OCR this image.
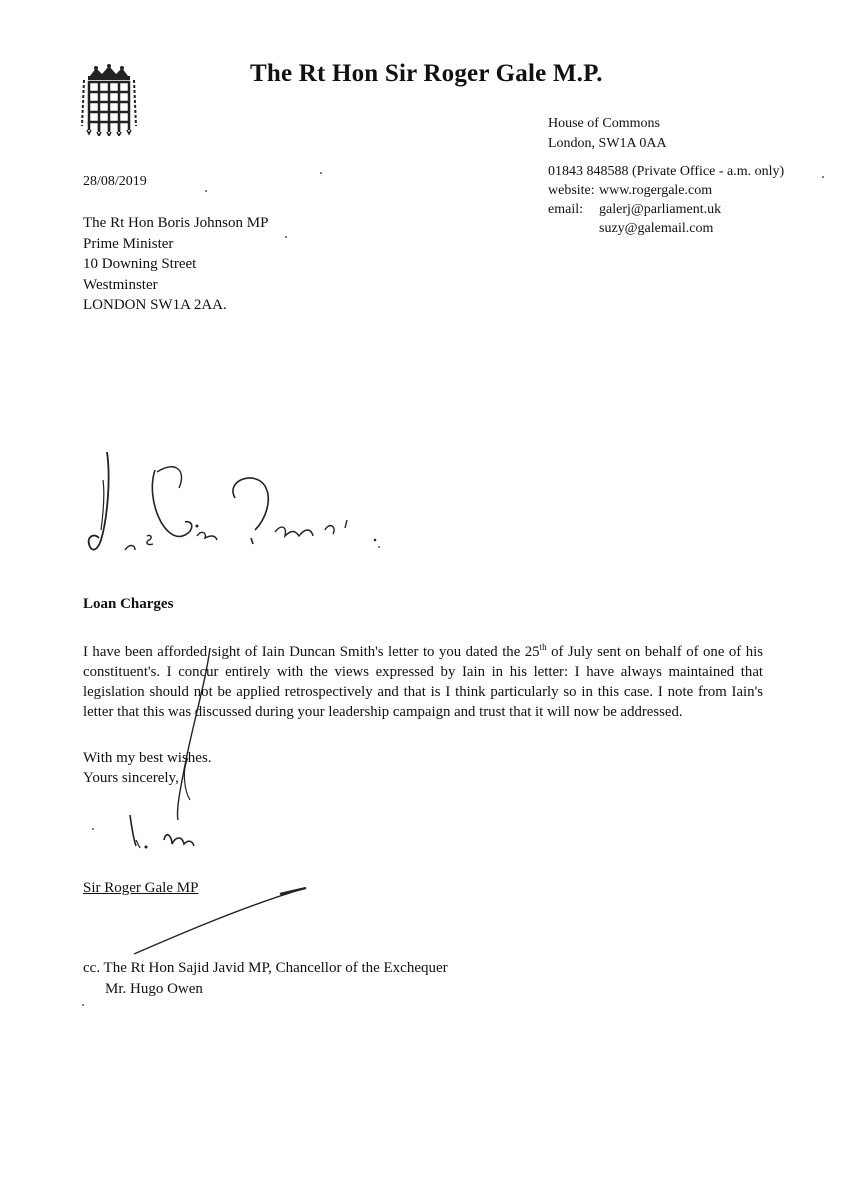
The Rt Hon Sir Roger Gale M.P.
House of Commons
London, SW1A 0AA
01843 848588 (Private Office - a.m. only)
website: www.rogergale.com
email:	galerj@parliament.uk
suzy@galemail.com
28/08/2019
The Rt Hon Boris Johnson MP
Prime Minister
10 Downing Street
Westminster
LONDON SW1A 2AA.
Loan Charges
I have been afforded sight of Iain Duncan Smith's letter to you dated the 25th of July sent on behalf of one of his constituent's. I concur entirely with the views expressed by Iain in his letter: I have always maintained that legislation should not be applied retrospectively and that is I think particularly so in this case. I note from Iain's letter that this was discussed during your leadership campaign and trust that it will now be addressed.
With my best wishes.
Yours sincerely,
Sir Roger Gale MP
cc. The Rt Hon Sajid Javid MP, Chancellor of the Exchequer
Mr. Hugo Owen
